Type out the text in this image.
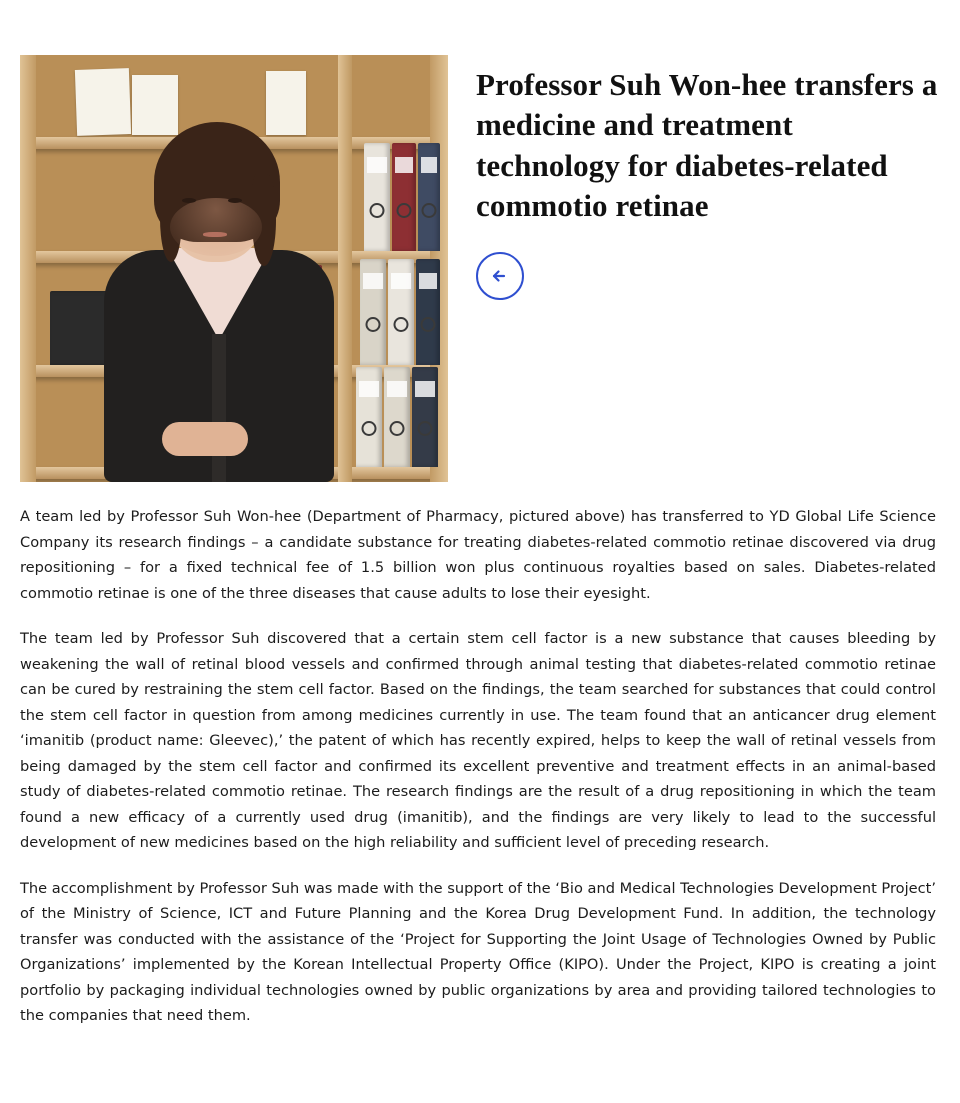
Professor Suh Won-hee transfers a medicine and treatment technology for diabetes-related commotio retinae

A team led by Professor Suh Won-hee (Department of Pharmacy, pictured above) has transferred to YD Global Life Science Company its research findings – a candidate substance for treating diabetes-related commotio retinae discovered via drug repositioning – for a fixed technical fee of 1.5 billion won plus continuous royalties based on sales. Diabetes-related commotio retinae is one of the three diseases that cause adults to lose their eyesight.

The team led by Professor Suh discovered that a certain stem cell factor is a new substance that causes bleeding by weakening the wall of retinal blood vessels and confirmed through animal testing that diabetes-related commotio retinae can be cured by restraining the stem cell factor. Based on the findings, the team searched for substances that could control the stem cell factor in question from among medicines currently in use. The team found that an anticancer drug element ‘imanitib (product name: Gleevec),’ the patent of which has recently expired, helps to keep the wall of retinal vessels from being damaged by the stem cell factor and confirmed its excellent preventive and treatment effects in an animal-based study of diabetes-related commotio retinae. The research findings are the result of a drug repositioning in which the team found a new efficacy of a currently used drug (imanitib), and the findings are very likely to lead to the successful development of new medicines based on the high reliability and sufficient level of preceding research.

The accomplishment by Professor Suh was made with the support of the ‘Bio and Medical Technologies Development Project’ of the Ministry of Science, ICT and Future Planning and the Korea Drug Development Fund. In addition, the technology transfer was conducted with the assistance of the ‘Project for Supporting the Joint Usage of Technologies Owned by Public Organizations’ implemented by the Korean Intellectual Property Office (KIPO). Under the Project, KIPO is creating a joint portfolio by packaging individual technologies owned by public organizations by area and providing tailored technologies to the companies that need them.
